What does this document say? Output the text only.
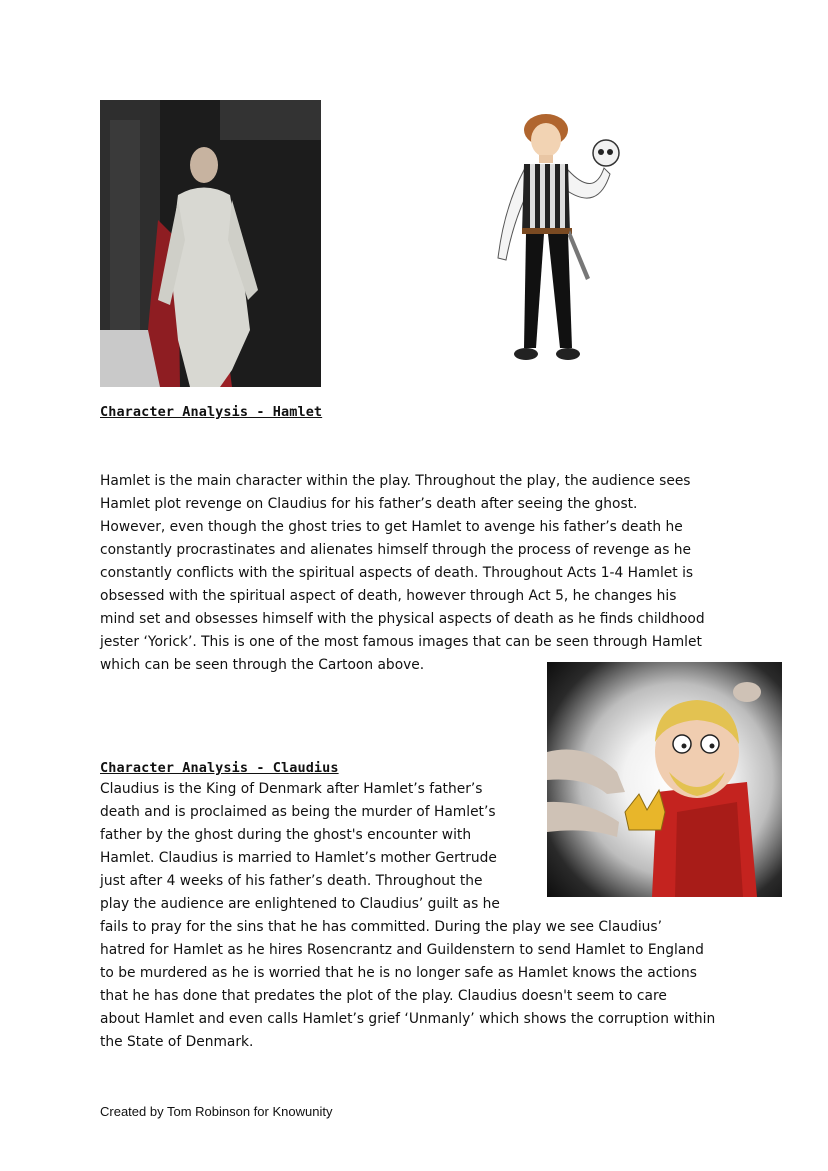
Character Analysis - Hamlet
Hamlet is the main character within the play. Throughout the play, the audience sees
Hamlet plot revenge on Claudius for his father’s death after seeing the ghost.
However, even though the ghost tries to get Hamlet to avenge his father’s death he
constantly procrastinates and alienates himself through the process of revenge as he
constantly conflicts with the spiritual aspects of death. Throughout Acts 1-4 Hamlet is
obsessed with the spiritual aspect of death, however through Act 5, he changes his
mind set and obsesses himself with the physical aspects of death as he finds childhood
jester ‘Yorick’. This is one of the most famous images that can be seen through Hamlet
which can be seen through the Cartoon above.
Character Analysis - Claudius
Claudius is the King of Denmark after Hamlet’s father’s
death and is proclaimed as being the murder of Hamlet’s
father by the ghost during the ghost's encounter with
Hamlet. Claudius is married to Hamlet’s mother Gertrude
just after 4 weeks of his father’s death. Throughout the
play the audience are enlightened to Claudius’ guilt as he
fails to pray for the sins that he has committed. During the play we see Claudius’
hatred for Hamlet as he hires Rosencrantz and Guildenstern to send Hamlet to England
to be murdered as he is worried that he is no longer safe as Hamlet knows the actions
that he has done that predates the plot of the play. Claudius doesn't seem to care
about Hamlet and even calls Hamlet’s grief ‘Unmanly’ which shows the corruption within
the State of Denmark.
Created by Tom Robinson for Knowunity
